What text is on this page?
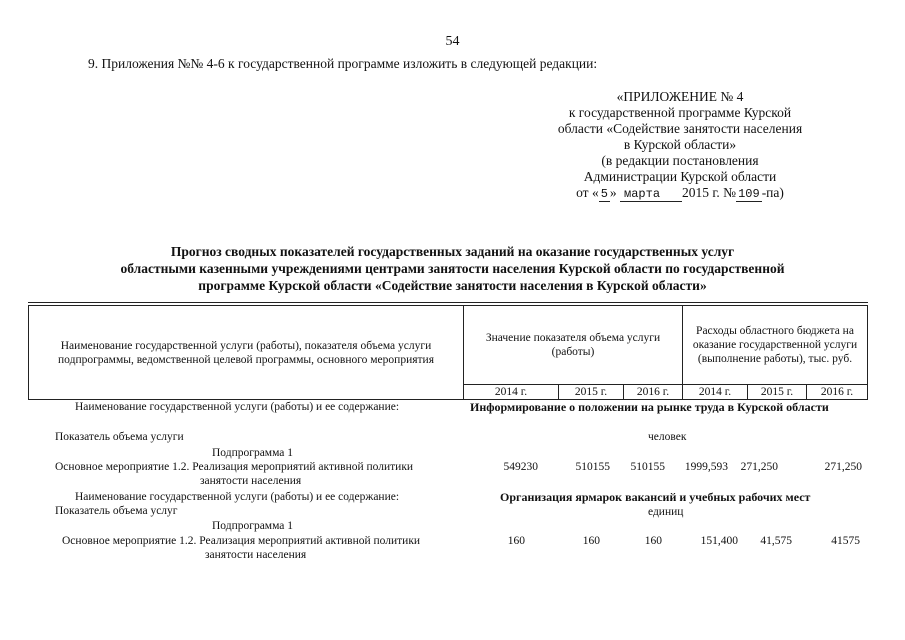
54
9. Приложения №№ 4-6 к государственной программе изложить в следующей редакции:
«ПРИЛОЖЕНИЕ № 4
к государственной программе Курской
области «Содействие занятости населения
в Курской области»
(в редакции постановления
Администрации Курской области
от « 5 » марта 2015 г. № 109 -па)
Прогноз сводных показателей государственных заданий на оказание государственных услуг
областными казенными учреждениями центрами занятости населения Курской области по государственной
программе Курской области «Содействие занятости населения в Курской области»
Наименование государственной услуги (работы), показателя объема услуги подпрограммы, ведомственной целевой программы, основного мероприятия	Значение показателя объема услуги (работы)			Расходы областного бюджета на оказание государственной услуги (выполнение работы), тыс. руб.		
	2014 г.	2015 г.	2016 г.	2014 г.	2015 г.	2016 г.
Наименование государственной услуги (работы) и ее содержание:	Информирование о положении на рынке труда в Курской области
Показатель объема услуги	человек
Подпрограмма 1
Основное мероприятие 1.2. Реализация мероприятий активной политики
занятости населения
549230	510155	510155	1999,593	271,250	271,250
Наименование государственной услуги (работы) и ее содержание:	Организация ярмарок вакансий и учебных рабочих мест
Показатель объема услуг	единиц
Подпрограмма 1
Основное мероприятие 1.2. Реализация мероприятий активной политики
занятости населения
160	160	160	151,400	41,575	41575
